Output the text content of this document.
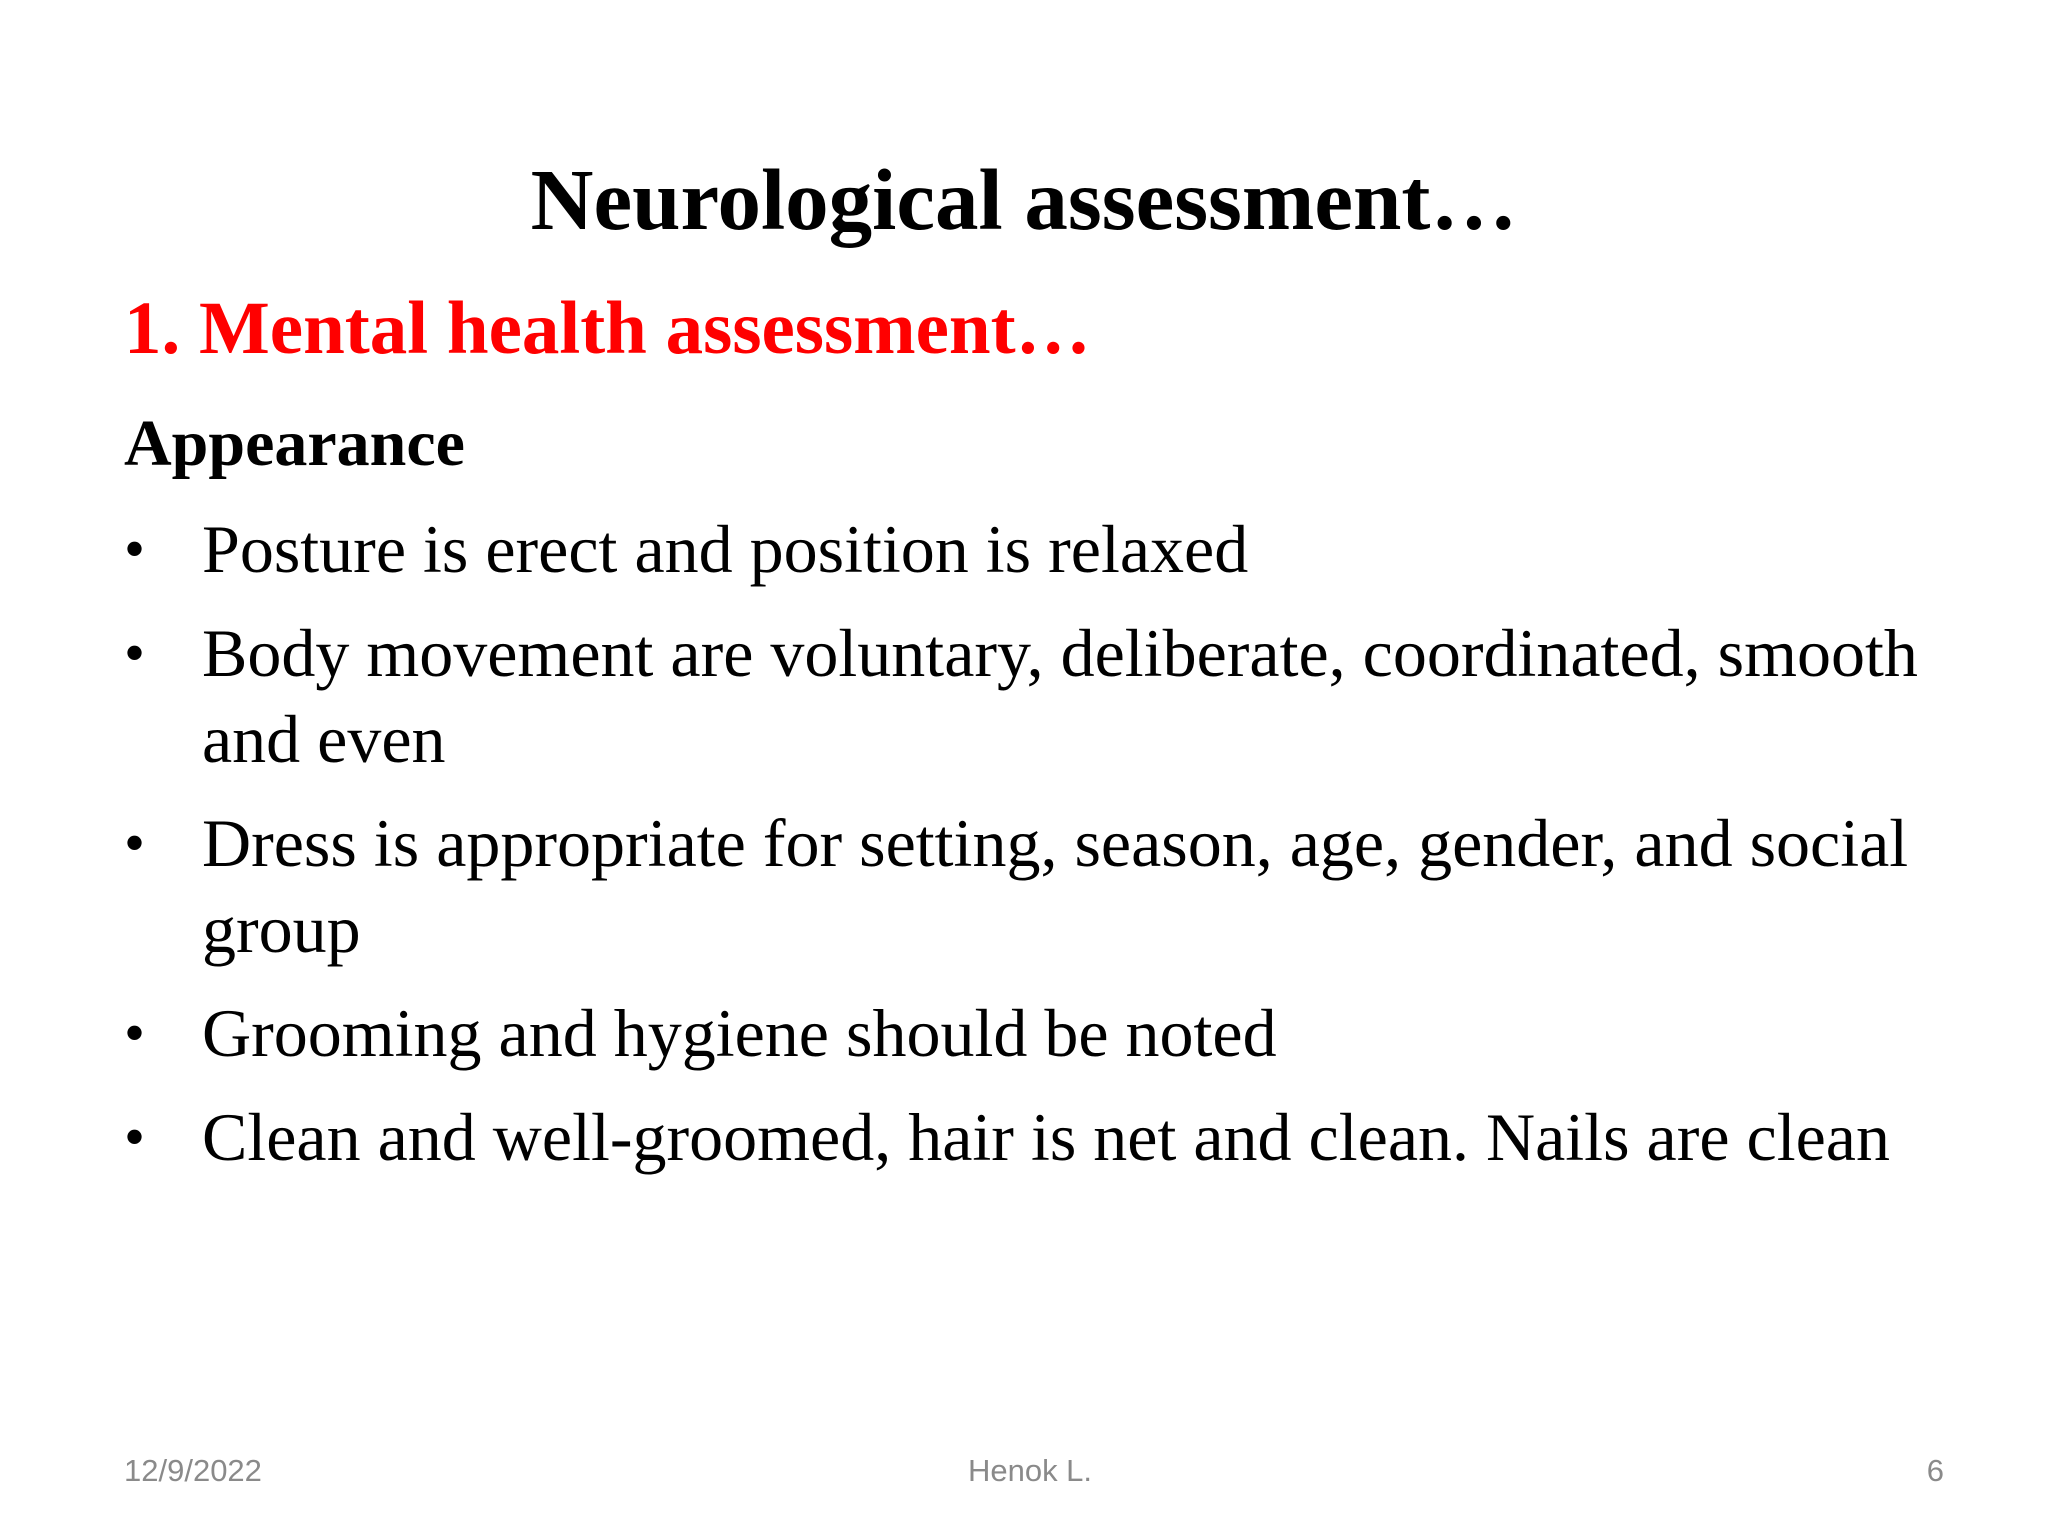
Neurological assessment…
1. Mental health assessment…
Appearance
• Posture is erect and position is relaxed
• Body movement are voluntary, deliberate, coordinated, smooth and even
• Dress is appropriate for setting, season, age, gender, and social group
• Grooming and hygiene should be noted
• Clean and well-groomed, hair is net and clean. Nails are clean
12/9/2022	Henok L.	6
